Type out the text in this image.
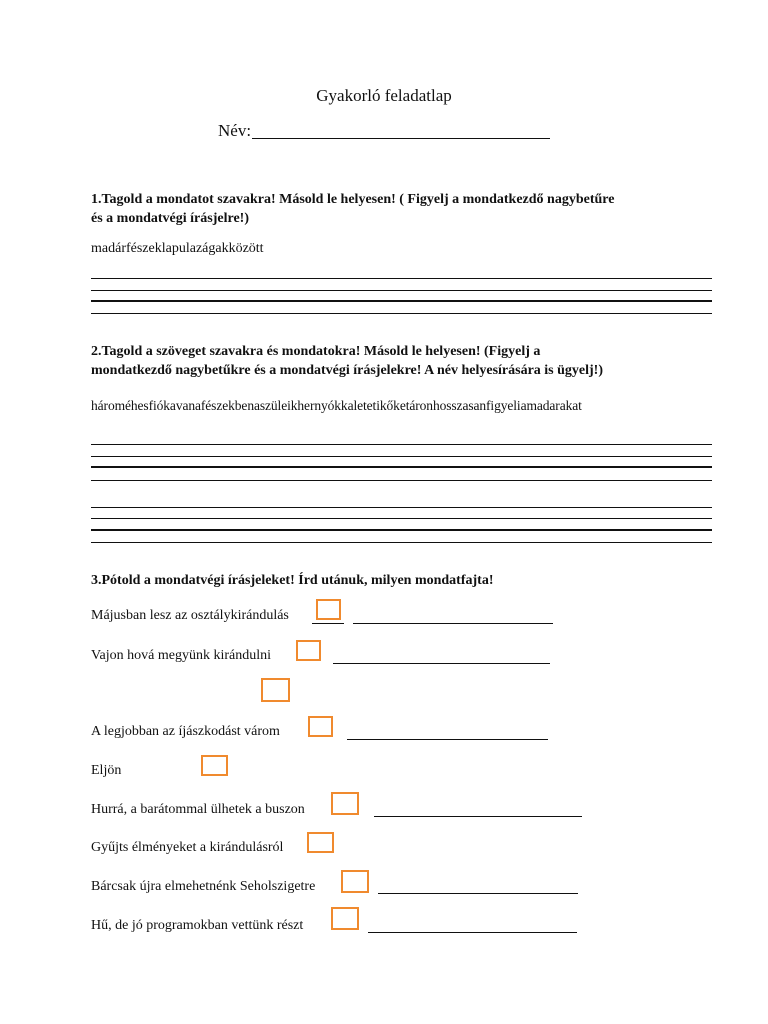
Gyakorló feladatlap
Név:
1.Tagold a mondatot szavakra! Másold le helyesen! ( Figyelj a mondatkezdő nagybetűre
és a mondatvégi írásjelre!)
madárfészeklapulazágakközött
2.Tagold a szöveget szavakra és mondatokra! Másold le helyesen! (Figyelj a
mondatkezdő nagybetűkre és a mondatvégi írásjelekre! A név helyesírására is ügyelj!)
hároméhesfiókavanafészekbenaszüleikhernyókkaletetikőketáronhosszasanfigyeliamadarakat
3.Pótold a mondatvégi írásjeleket! Írd utánuk, milyen mondatfajta!
Májusban lesz az osztálykirándulás
Vajon hová megyünk kirándulni
A legjobban az íjászkodást várom
Eljön
Hurrá, a barátommal ülhetek a buszon
Gyűjts élményeket a kirándulásról
Bárcsak újra elmehetnénk Seholszigetre
Hű, de jó programokban vettünk részt
